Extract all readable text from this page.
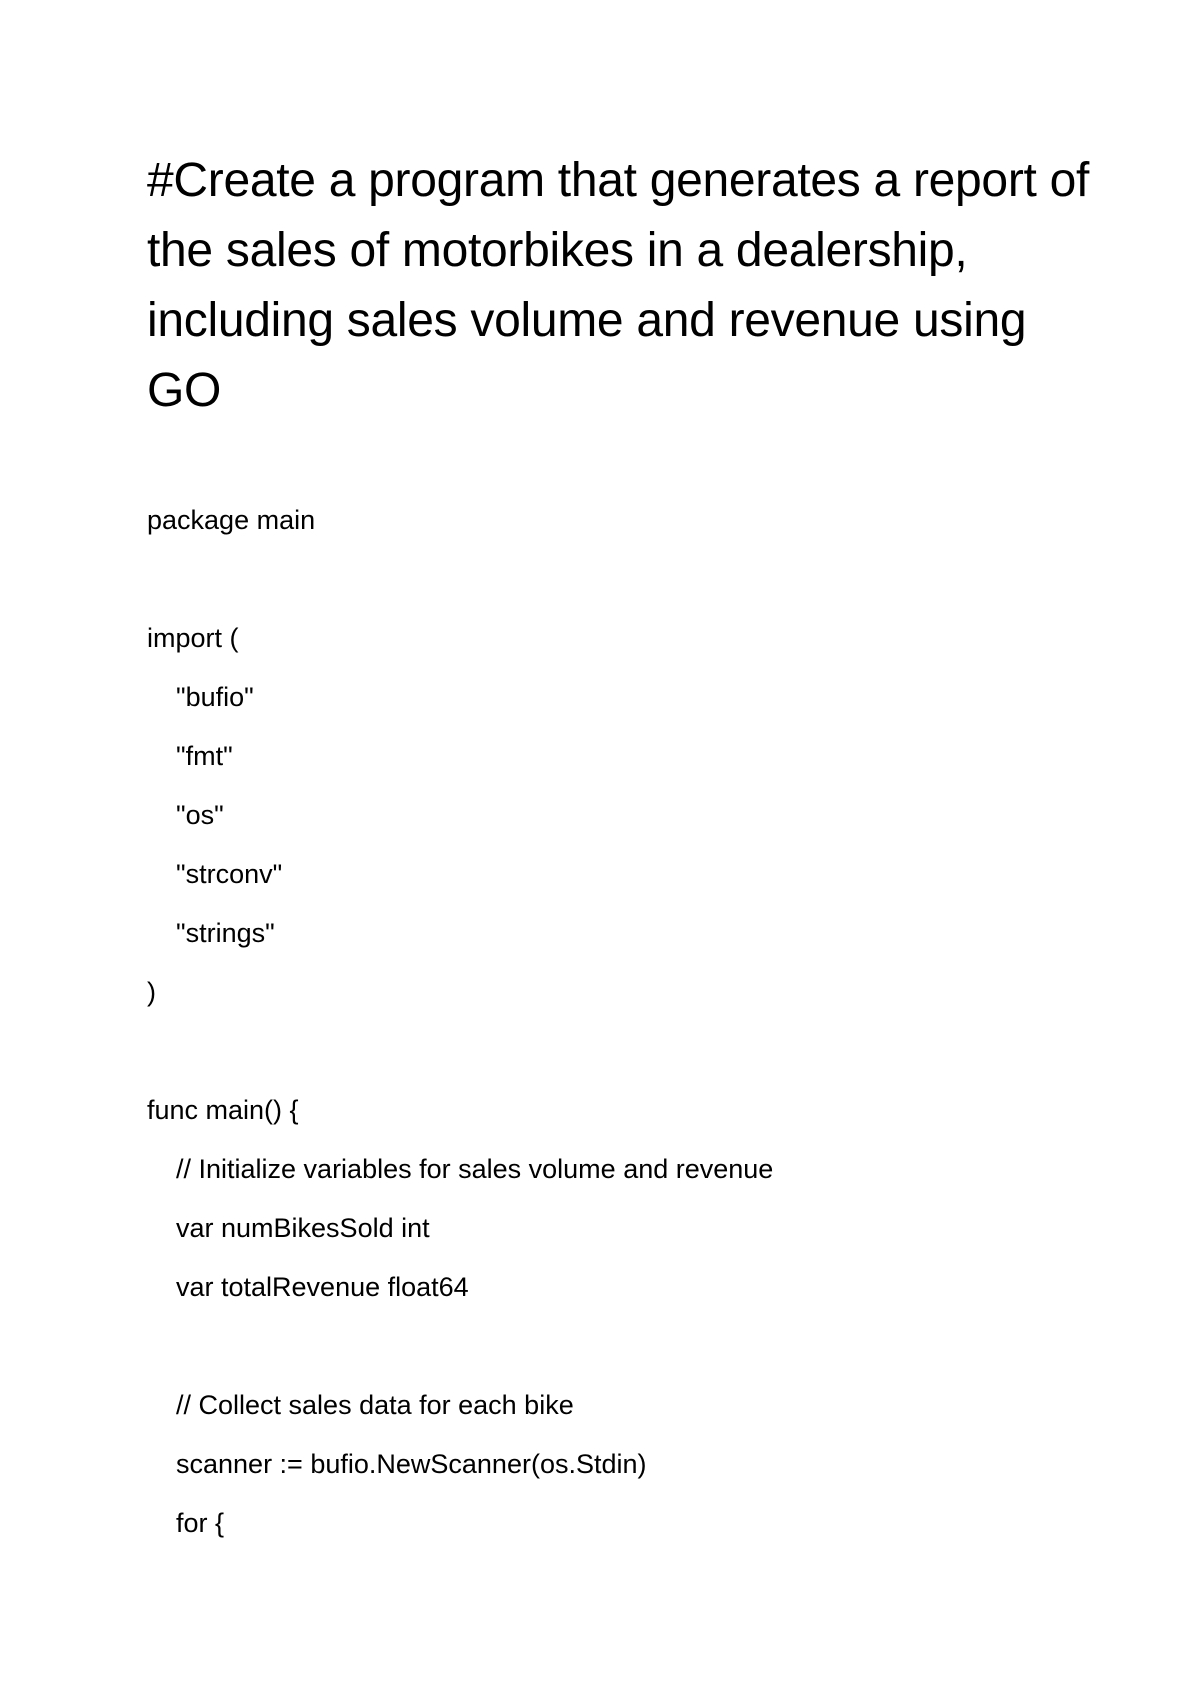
#Create a program that generates a report of the sales of motorbikes in a dealership, including sales volume and revenue using GO
package main
import (
"bufio"
"fmt"
"os"
"strconv"
"strings"
)
func main() {
// Initialize variables for sales volume and revenue
var numBikesSold int
var totalRevenue float64
// Collect sales data for each bike
scanner := bufio.NewScanner(os.Stdin)
for {
